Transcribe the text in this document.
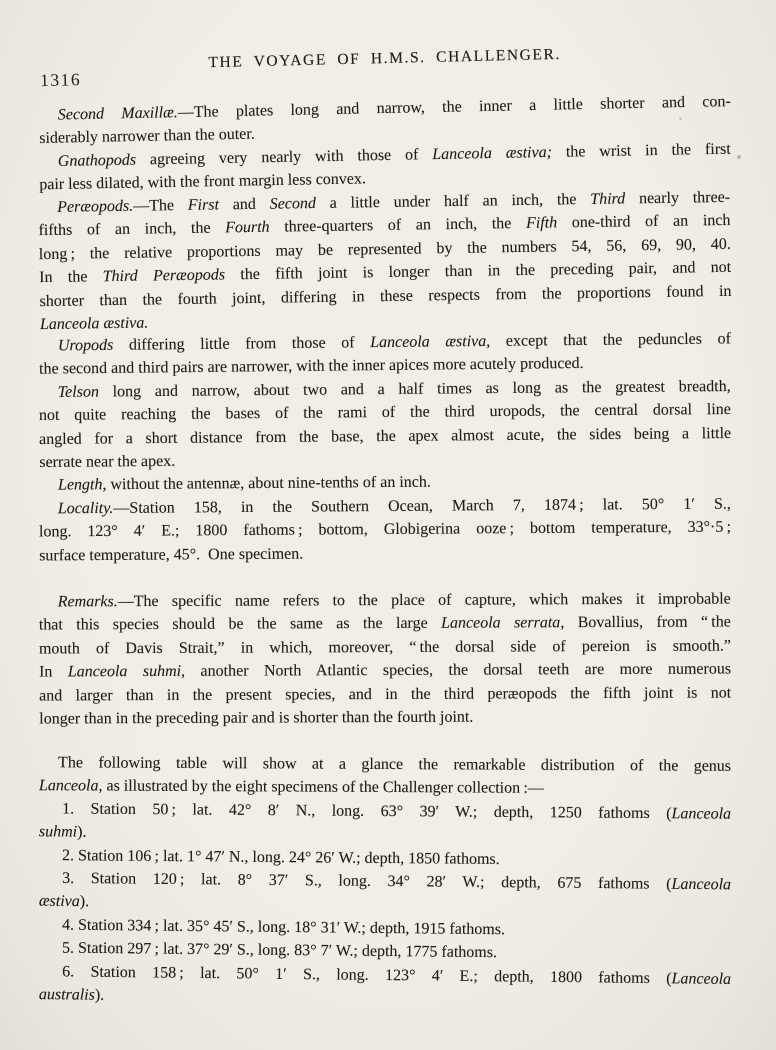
1316
THE VOYAGE OF H.M.S. CHALLENGER.
Second Maxillæ.—The plates long and narrow, the inner a little shorter and con-
siderably narrower than the outer.
Gnathopods agreeing very nearly with those of Lanceola æstiva; the wrist in the first
pair less dilated, with the front margin less convex.
Peræopods.—The First and Second a little under half an inch, the Third nearly three-
fifths of an inch, the Fourth three-quarters of an inch, the Fifth one-third of an inch
long ; the relative proportions may be represented by the numbers 54, 56, 69, 90, 40.
In the Third Peræopods the fifth joint is longer than in the preceding pair, and not
shorter than the fourth joint, differing in these respects from the proportions found in
Lanceola æstiva.
Uropods differing little from those of Lanceola æstiva, except that the peduncles of
the second and third pairs are narrower, with the inner apices more acutely produced.
Telson long and narrow, about two and a half times as long as the greatest breadth,
not quite reaching the bases of the rami of the third uropods, the central dorsal line
angled for a short distance from the base, the apex almost acute, the sides being a little
serrate near the apex.
Length, without the antennæ, about nine-tenths of an inch.
Locality.—Station 158, in the Southern Ocean, March 7, 1874 ; lat. 50° 1′ S.,
long. 123° 4′ E.; 1800 fathoms ; bottom, Globigerina ooze ; bottom temperature, 33°·5 ;
surface temperature, 45°. One specimen.
Remarks.—The specific name refers to the place of capture, which makes it improbable
that this species should be the same as the large Lanceola serrata, Bovallius, from “ the
mouth of Davis Strait,” in which, moreover, “ the dorsal side of pereion is smooth.”
In Lanceola suhmi, another North Atlantic species, the dorsal teeth are more numerous
and larger than in the present species, and in the third peræopods the fifth joint is not
longer than in the preceding pair and is shorter than the fourth joint.
The following table will show at a glance the remarkable distribution of the genus
Lanceola, as illustrated by the eight specimens of the Challenger collection :—
1. Station 50 ; lat. 42° 8′ N., long. 63° 39′ W.; depth, 1250 fathoms (Lanceola
suhmi).
2. Station 106 ; lat. 1° 47′ N., long. 24° 26′ W.; depth, 1850 fathoms.
3. Station 120 ; lat. 8° 37′ S., long. 34° 28′ W.; depth, 675 fathoms (Lanceola
æstiva).
4. Station 334 ; lat. 35° 45′ S., long. 18° 31′ W.; depth, 1915 fathoms.
5. Station 297 ; lat. 37° 29′ S., long. 83° 7′ W.; depth, 1775 fathoms.
6. Station 158 ; lat. 50° 1′ S., long. 123° 4′ E.; depth, 1800 fathoms (Lanceola
australis).
